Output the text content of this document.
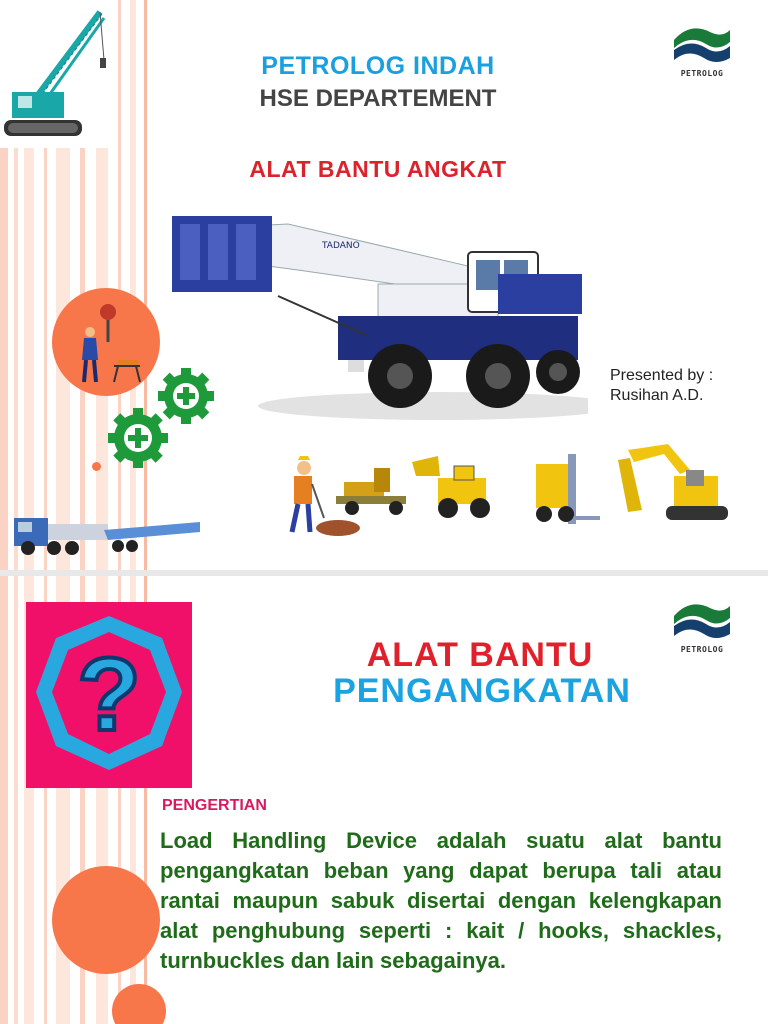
PETROLOG INDAH
HSE DEPARTEMENT
ALAT BANTU ANGKAT
PETROLOG
TADANO
Presented by :
Rusihan A.D.
?	PETROLOG
ALAT BANTU
PENGANGKATAN
PENGERTIAN
Load Handling Device adalah suatu alat bantu pengangkatan beban yang dapat berupa tali atau rantai maupun sabuk disertai dengan kelengkapan alat penghubung seperti : kait / hooks, shackles, turnbuckles dan lain sebagainya.
